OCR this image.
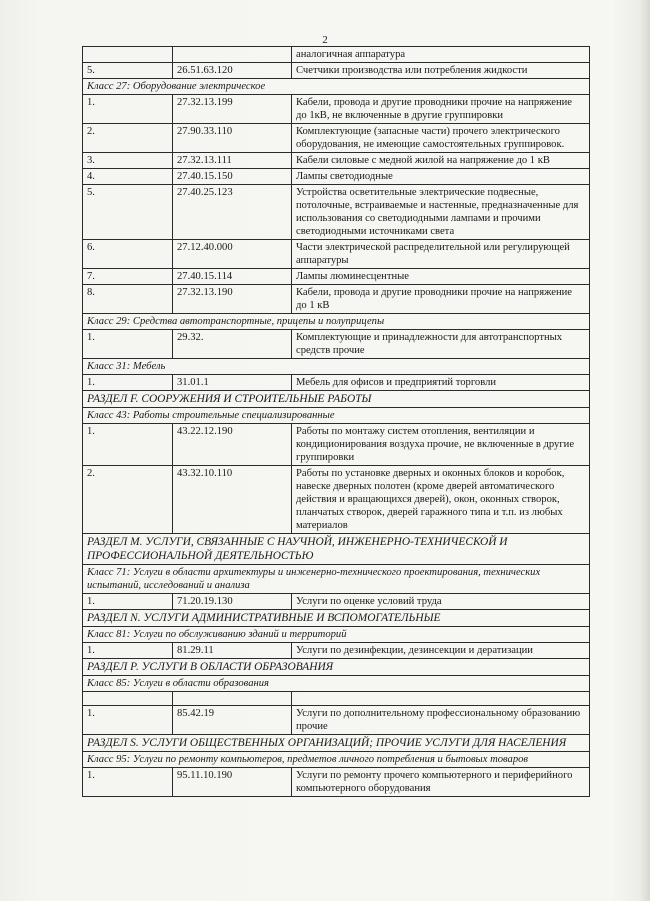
2
		аналогичная аппаратура
5.	26.51.63.120	Счетчики производства или потребления жидкости
Класс 27: Оборудование электрическое		
1.	27.32.13.199	Кабели, провода и другие проводники прочие на напряжение до 1кВ, не включенные в другие группировки
2.	27.90.33.110	Комплектующие (запасные части) прочего электрического оборудования, не имеющие самостоятельных группировок.
3.	27.32.13.111	Кабели силовые с медной жилой на напряжение до 1 кВ
4.	27.40.15.150	Лампы светодиодные
5.	27.40.25.123	Устройства осветительные электрические подвесные, потолочные, встраиваемые и настенные, предназначенные для использования со светодиодными лампами и прочими светодиодными источниками света
6.	27.12.40.000	Части электрической распределительной или регулирующей аппаратуры
7.	27.40.15.114	Лампы люминесцентные
8.	27.32.13.190	Кабели, провода и другие проводники прочие на напряжение до 1 кВ
Класс 29: Средства автотранспортные, прицепы и полуприцепы		
1.	29.32.	Комплектующие и принадлежности для автотранспортных средств прочие
Класс 31: Мебель		
1.	31.01.1	Мебель для офисов и предприятий торговли
РАЗДЕЛ F. СООРУЖЕНИЯ И СТРОИТЕЛЬНЫЕ РАБОТЫ		
Класс 43: Работы строительные специализированные		
1.	43.22.12.190	Работы по монтажу систем отопления, вентиляции и кондиционирования воздуха прочие, не включенные в другие группировки
2.	43.32.10.110	Работы по установке дверных и оконных блоков и коробок, навеске дверных полотен (кроме дверей автоматического действия и вращающихся дверей), окон, оконных створок, планчатых створок, дверей гаражного типа и т.п. из любых материалов
РАЗДЕЛ М. УСЛУГИ, СВЯЗАННЫЕ С НАУЧНОЙ, ИНЖЕНЕРНО-ТЕХНИЧЕСКОЙ И ПРОФЕССИОНАЛЬНОЙ ДЕЯТЕЛЬНОСТЬЮ		
Класс 71: Услуги в области архитектуры и инженерно-технического проектирования, технических испытаний, исследований и анализа		
1.	71.20.19.130	Услуги по оценке условий труда
РАЗДЕЛ N. УСЛУГИ АДМИНИСТРАТИВНЫЕ И ВСПОМОГАТЕЛЬНЫЕ		
Класс 81: Услуги по обслуживанию зданий и территорий		
1.	81.29.11	Услуги по дезинфекции, дезинсекции и дератизации
РАЗДЕЛ Р. УСЛУГИ В ОБЛАСТИ ОБРАЗОВАНИЯ		
Класс 85: Услуги в области образования		

1.	85.42.19	Услуги по дополнительному профессиональному образованию прочие
РАЗДЕЛ S. УСЛУГИ ОБЩЕСТВЕННЫХ ОРГАНИЗАЦИЙ; ПРОЧИЕ УСЛУГИ ДЛЯ НАСЕЛЕНИЯ		
Класс 95: Услуги по ремонту компьютеров, предметов личного потребления и бытовых товаров		
1.	95.11.10.190	Услуги по ремонту прочего компьютерного и периферийного компьютерного оборудования
